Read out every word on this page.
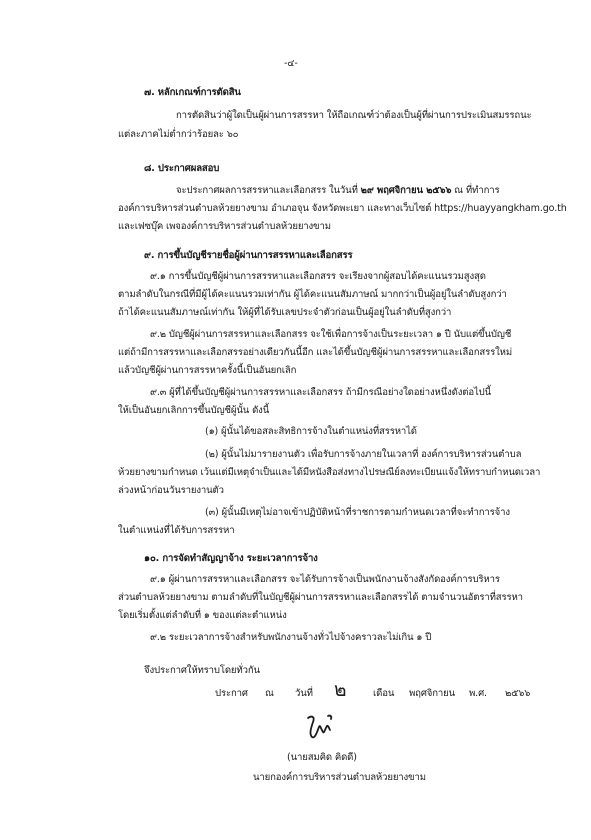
-๔-
๗. หลักเกณฑ์การตัดสิน
การตัดสินว่าผู้ใดเป็นผู้ผ่านการสรรหา ให้ถือเกณฑ์ว่าต้องเป็นผู้ที่ผ่านการประเมินสมรรถนะ
แต่ละภาคไม่ต่ำกว่าร้อยละ ๖๐
๘. ประกาศผลสอบ
จะประกาศผลการสรรหาและเลือกสรร ในวันที่ ๒๙ พฤศจิกายน ๒๕๖๖ ณ ที่ทำการ
องค์การบริหารส่วนตำบลห้วยยางขาม อำเภอจุน จังหวัดพะเยา และทางเว็บไซต์ https://huayyangkham.go.th
และเฟซบุ๊ค เพจองค์การบริหารส่วนตำบลห้วยยางขาม
๙. การขึ้นบัญชีรายชื่อผู้ผ่านการสรรหาและเลือกสรร
๙.๑ การขึ้นบัญชีผู้ผ่านการสรรหาและเลือกสรร จะเรียงจากผู้สอบได้คะแนนรวมสูงสุด
ตามลำดับในกรณีที่มีผู้ได้คะแนนรวมเท่ากัน ผู้ได้คะแนนสัมภาษณ์ มากกว่าเป็นผู้อยู่ในลำดับสูงกว่า
ถ้าได้คะแนนสัมภาษณ์เท่ากัน ให้ผู้ที่ได้รับเลขประจำตัวก่อนเป็นผู้อยู่ในลำดับที่สูงกว่า
๙.๒ บัญชีผู้ผ่านการสรรหาและเลือกสรร จะใช้เพื่อการจ้างเป็นระยะเวลา ๑ ปี นับแต่ขึ้นบัญชี
แต่ถ้ามีการสรรหาและเลือกสรรอย่างเดียวกันนี้อีก และได้ขึ้นบัญชีผู้ผ่านการสรรหาและเลือกสรรใหม่
แล้วบัญชีผู้ผ่านการสรรหาครั้งนี้เป็นอันยกเลิก
๙.๓ ผู้ที่ได้ขึ้นบัญชีผู้ผ่านการสรรหาและเลือกสรร ถ้ามีกรณีอย่างใดอย่างหนึ่งดังต่อไปนี้
ให้เป็นอันยกเลิกการขึ้นบัญชีผู้นั้น ดังนี้
(๑) ผู้นั้นได้ขอสละสิทธิการจ้างในตำแหน่งที่สรรหาได้
(๒) ผู้นั้นไม่มารายงานตัว เพื่อรับการจ้างภายในเวลาที่ องค์การบริหารส่วนตำบล
ห้วยยางขามกำหนด เว้นแต่มีเหตุจำเป็นและได้มีหนังสือส่งทางไปรษณีย์ลงทะเบียนแจ้งให้ทราบกำหนดเวลา
ล่วงหน้าก่อนวันรายงานตัว
(๓) ผู้นั้นมีเหตุไม่อาจเข้าปฏิบัติหน้าที่ราชการตามกำหนดเวลาที่จะทำการจ้าง
ในตำแหน่งที่ได้รับการสรรหา
๑๐. การจัดทำสัญญาจ้าง ระยะเวลาการจ้าง
๙.๑ ผู้ผ่านการสรรหาและเลือกสรร จะได้รับการจ้างเป็นพนักงานจ้างสังกัดองค์การบริหาร
ส่วนตำบลห้วยยางขาม ตามลำดับที่ในบัญชีผู้ผ่านการสรรหาและเลือกสรรได้ ตามจำนวนอัตราที่สรรหา
โดยเริ่มตั้งแต่ลำดับที่ ๑ ของแต่ละตำแหน่ง
๙.๒ ระยะเวลาการจ้างสำหรับพนักงานจ้างทั่วไปจ้างคราวละไม่เกิน ๑ ปี
จึงประกาศให้ทราบโดยทั่วกัน
ประกาศ ณ วันที่ ๒	เดือน พฤศจิกายน พ.ศ. ๒๕๖๖
(นายสมคิด คิดดี)
นายกองค์การบริหารส่วนตำบลห้วยยางขาม
